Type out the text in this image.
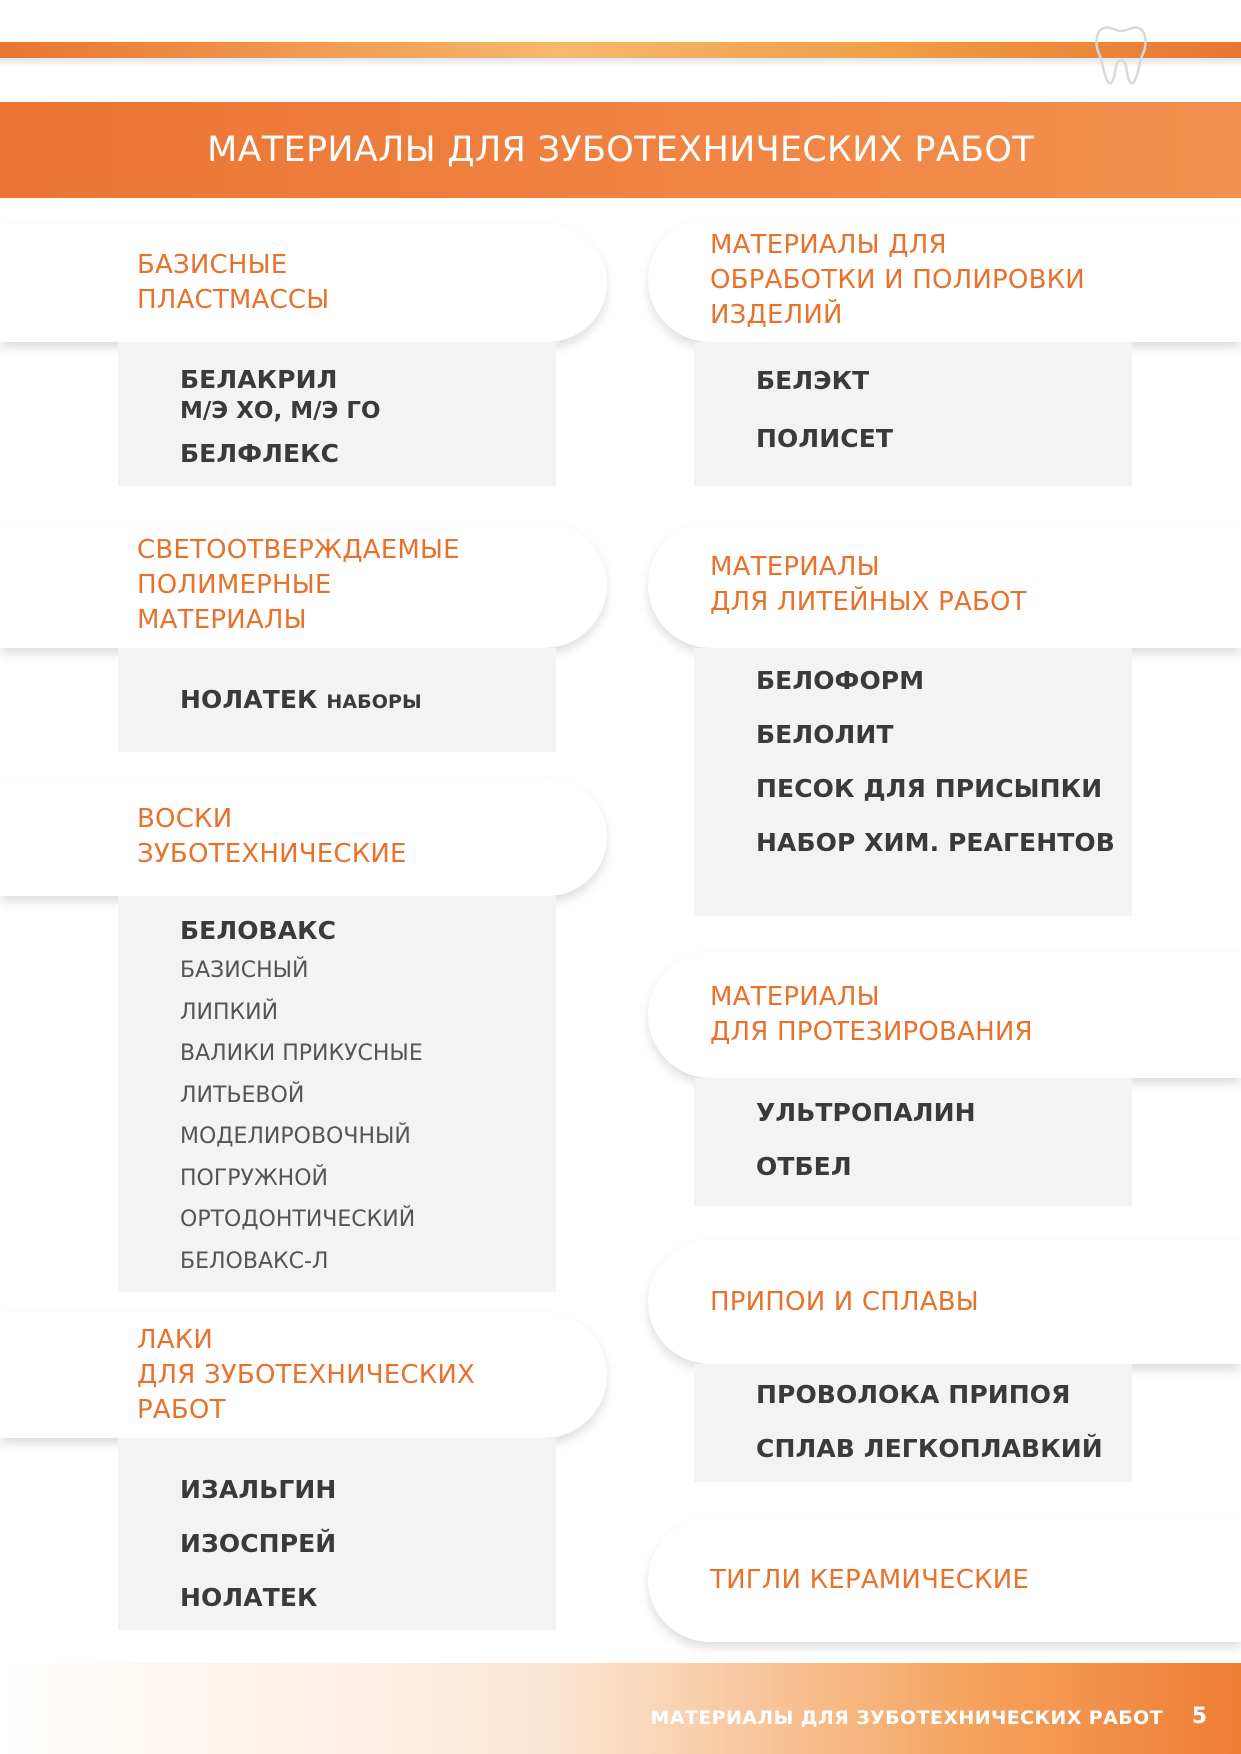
МАТЕРИАЛЫ ДЛЯ ЗУБОТЕХНИЧЕСКИХ РАБОТ
БАЗИСНЫЕ
ПЛАСТМАССЫ
БЕЛАКРИЛ
М/Э ХО, М/Э ГО
БЕЛФЛЕКС
СВЕТООТВЕРЖДАЕМЫЕ
ПОЛИМЕРНЫЕ
МАТЕРИАЛЫ
НОЛАТЕК НАБОРЫ
ВОСКИ
ЗУБОТЕХНИЧЕСКИЕ
БЕЛОВАКС
БАЗИСНЫЙ
ЛИПКИЙ
ВАЛИКИ ПРИКУСНЫЕ
ЛИТЬЕВОЙ
МОДЕЛИРОВОЧНЫЙ
ПОГРУЖНОЙ
ОРТОДОНТИЧЕСКИЙ
БЕЛОВАКС-Л
ЛАКИ
ДЛЯ ЗУБОТЕХНИЧЕСКИХ
РАБОТ
ИЗАЛЬГИН
ИЗОСПРЕЙ
НОЛАТЕК
МАТЕРИАЛЫ ДЛЯ
ОБРАБОТКИ И ПОЛИРОВКИ
ИЗДЕЛИЙ
БЕЛЭКТ
ПОЛИСЕТ
МАТЕРИАЛЫ
ДЛЯ ЛИТЕЙНЫХ РАБОТ
БЕЛОФОРМ
БЕЛОЛИТ
ПЕСОК ДЛЯ ПРИСЫПКИ
НАБОР ХИМ. РЕАГЕНТОВ
МАТЕРИАЛЫ
ДЛЯ ПРОТЕЗИРОВАНИЯ
УЛЬТРОПАЛИН
ОТБЕЛ
ПРИПОИ И СПЛАВЫ
ПРОВОЛОКА ПРИПОЯ
СПЛАВ ЛЕГКОПЛАВКИЙ
ТИГЛИ КЕРАМИЧЕСКИЕ
МАТЕРИАЛЫ ДЛЯ ЗУБОТЕХНИЧЕСКИХ РАБОТ 5
